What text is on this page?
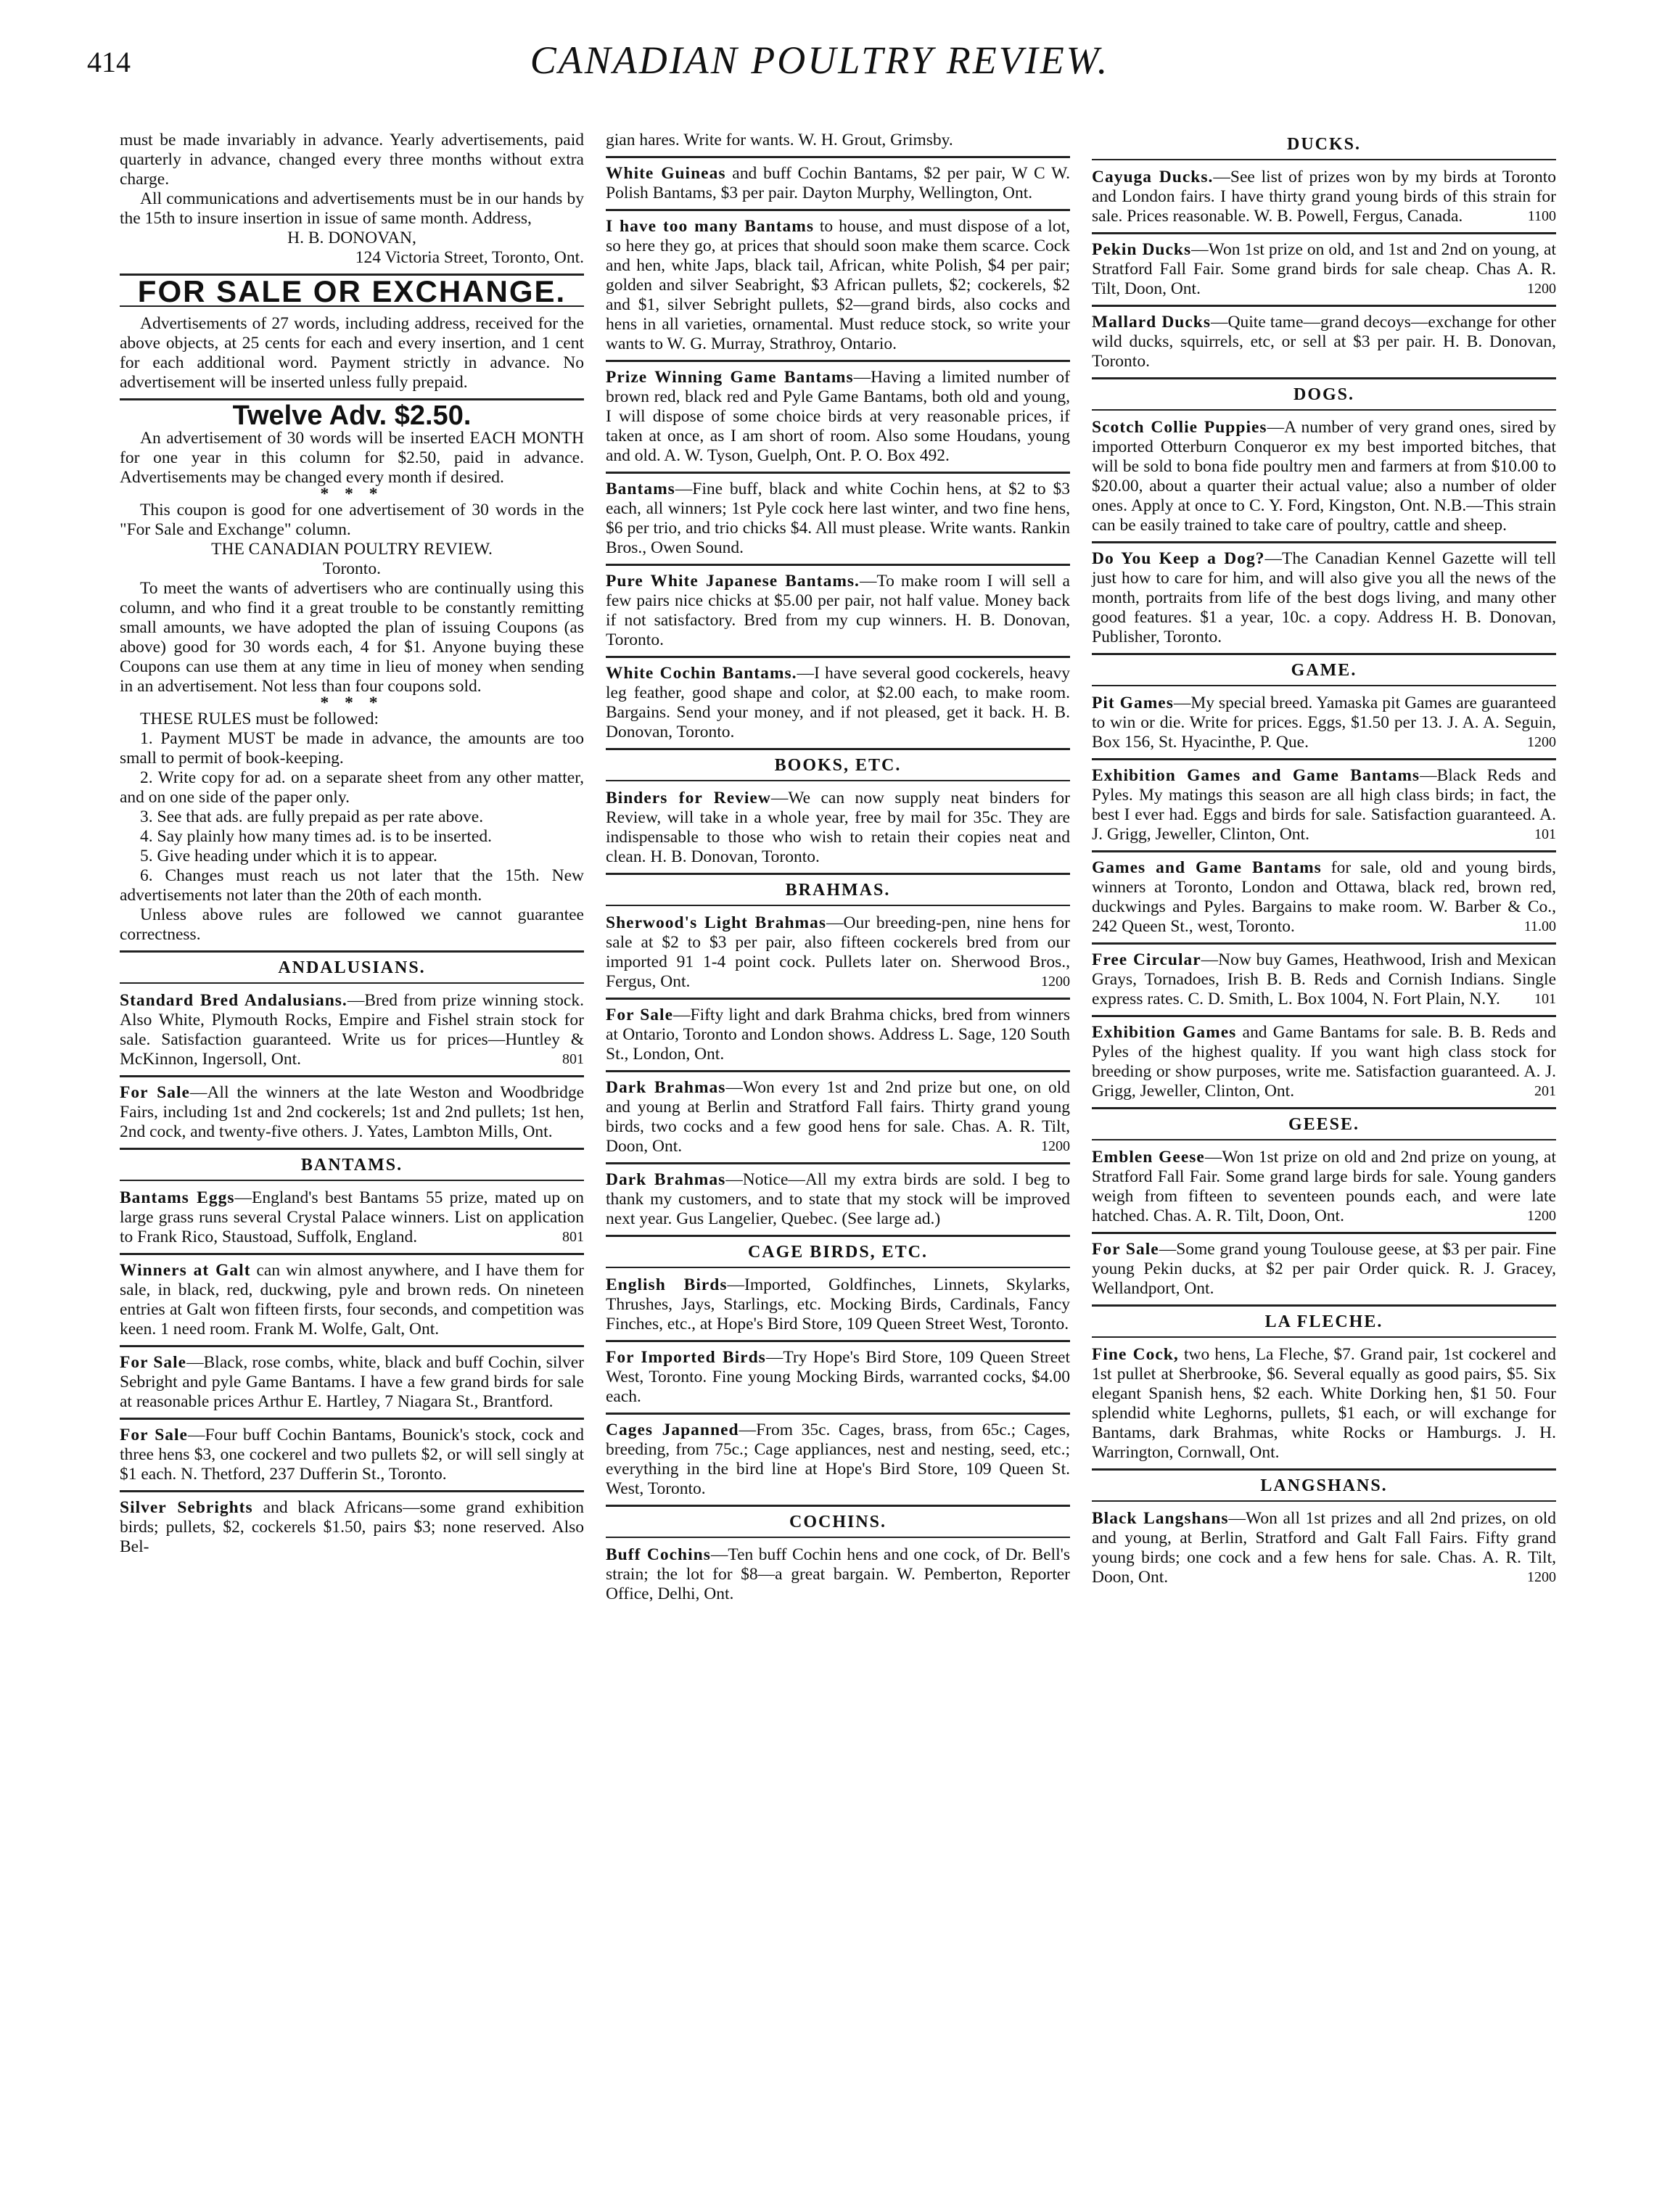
414	CANADIAN POULTRY REVIEW.

must be made invariably in advance. Yearly advertisements, paid quarterly in advance, changed every three months without extra charge.

All communications and advertisements must be in our hands by the 15th to insure insertion in issue of same month. Address,

H. B. DONOVAN,

124 Victoria Street, Toronto, Ont.

FOR SALE OR EXCHANGE.

Advertisements of 27 words, including address, received for the above objects, at 25 cents for each and every insertion, and 1 cent for each additional word. Payment strictly in advance. No advertisement will be inserted unless fully prepaid.

Twelve Adv. $2.50.

An advertisement of 30 words will be inserted EACH MONTH for one year in this column for $2.50, paid in advance. Advertisements may be changed every month if desired.

* * *

This coupon is good for one advertisement of 30 words in the "For Sale and Exchange" column.

THE CANADIAN POULTRY REVIEW.

Toronto.

To meet the wants of advertisers who are continually using this column, and who find it a great trouble to be constantly remitting small amounts, we have adopted the plan of issuing Coupons (as above) good for 30 words each, 4 for $1. Anyone buying these Coupons can use them at any time in lieu of money when sending in an advertisement. Not less than four coupons sold.

* * *

THESE RULES must be followed:

1. Payment MUST be made in advance, the amounts are too small to permit of book-keeping.

2. Write copy for ad. on a separate sheet from any other matter, and on one side of the paper only.

3. See that ads. are fully prepaid as per rate above.

4. Say plainly how many times ad. is to be inserted.

5. Give heading under which it is to appear.

6. Changes must reach us not later that the 15th. New advertisements not later than the 20th of each month.

Unless above rules are followed we cannot guarantee correctness.

ANDALUSIANS.
Standard Bred Andalusians.—Bred from prize winning stock. Also White, Plymouth Rocks, Empire and Fishel strain stock for sale. Satisfaction guaranteed. Write us for prices—Huntley & McKinnon, Ingersoll, Ont.	801
For Sale—All the winners at the late Weston and Woodbridge Fairs, including 1st and 2nd cockerels; 1st and 2nd pullets; 1st hen, 2nd cock, and twenty-five others. J. Yates, Lambton Mills, Ont.
BANTAMS.
Bantams Eggs—England's best Bantams 55 prize, mated up on large grass runs several Crystal Palace winners. List on application to Frank Rico, Staustoad, Suffolk, England.	801
Winners at Galt can win almost anywhere, and I have them for sale, in black, red, duckwing, pyle and brown reds. On nineteen entries at Galt won fifteen firsts, four seconds, and competition was keen. 1 need room. Frank M. Wolfe, Galt, Ont.
For Sale—Black, rose combs, white, black and buff Cochin, silver Sebright and pyle Game Bantams. I have a few grand birds for sale at reasonable prices Arthur E. Hartley, 7 Niagara St., Brantford.
For Sale—Four buff Cochin Bantams, Bounick's stock, cock and three hens $3, one cockerel and two pullets $2, or will sell singly at $1 each. N. Thetford, 237 Dufferin St., Toronto.
Silver Sebrights and black Africans—some grand exhibition birds; pullets, $2, cockerels $1.50, pairs $3; none reserved. Also Bel-
gian hares. Write for wants. W. H. Grout, Grimsby.
White Guineas and buff Cochin Bantams, $2 per pair, W C W. Polish Bantams, $3 per pair. Dayton Murphy, Wellington, Ont.
I have too many Bantams to house, and must dispose of a lot, so here they go, at prices that should soon make them scarce. Cock and hen, white Japs, black tail, African, white Polish, $4 per pair; golden and silver Seabright, $3 African pullets, $2; cockerels, $2 and $1, silver Sebright pullets, $2—grand birds, also cocks and hens in all varieties, ornamental. Must reduce stock, so write your wants to W. G. Murray, Strathroy, Ontario.
Prize Winning Game Bantams—Having a limited number of brown red, black red and Pyle Game Bantams, both old and young, I will dispose of some choice birds at very reasonable prices, if taken at once, as I am short of room. Also some Houdans, young and old. A. W. Tyson, Guelph, Ont. P. O. Box 492.
Bantams—Fine buff, black and white Cochin hens, at $2 to $3 each, all winners; 1st Pyle cock here last winter, and two fine hens, $6 per trio, and trio chicks $4. All must please. Write wants. Rankin Bros., Owen Sound.
Pure White Japanese Bantams.—To make room I will sell a few pairs nice chicks at $5.00 per pair, not half value. Money back if not satisfactory. Bred from my cup winners. H. B. Donovan, Toronto.
White Cochin Bantams.—I have several good cockerels, heavy leg feather, good shape and color, at $2.00 each, to make room. Bargains. Send your money, and if not pleased, get it back. H. B. Donovan, Toronto.
BOOKS, ETC.
Binders for Review—We can now supply neat binders for Review, will take in a whole year, free by mail for 35c. They are indispensable to those who wish to retain their copies neat and clean. H. B. Donovan, Toronto.
BRAHMAS.
Sherwood's Light Brahmas—Our breeding-pen, nine hens for sale at $2 to $3 per pair, also fifteen cockerels bred from our imported 91 1-4 point cock. Pullets later on. Sherwood Bros., Fergus, Ont.	1200
For Sale—Fifty light and dark Brahma chicks, bred from winners at Ontario, Toronto and London shows. Address L. Sage, 120 South St., London, Ont.
Dark Brahmas—Won every 1st and 2nd prize but one, on old and young at Berlin and Stratford Fall fairs. Thirty grand young birds, two cocks and a few good hens for sale. Chas. A. R. Tilt, Doon, Ont.	1200
Dark Brahmas—Notice—All my extra birds are sold. I beg to thank my customers, and to state that my stock will be improved next year. Gus Langelier, Quebec. (See large ad.)
CAGE BIRDS, ETC.
English Birds—Imported, Goldfinches, Linnets, Skylarks, Thrushes, Jays, Starlings, etc. Mocking Birds, Cardinals, Fancy Finches, etc., at Hope's Bird Store, 109 Queen Street West, Toronto.
For Imported Birds—Try Hope's Bird Store, 109 Queen Street West, Toronto. Fine young Mocking Birds, warranted cocks, $4.00 each.
Cages Japanned—From 35c. Cages, brass, from 65c.; Cages, breeding, from 75c.; Cage appliances, nest and nesting, seed, etc.; everything in the bird line at Hope's Bird Store, 109 Queen St. West, Toronto.
COCHINS.
Buff Cochins—Ten buff Cochin hens and one cock, of Dr. Bell's strain; the lot for $8—a great bargain. W. Pemberton, Reporter Office, Delhi, Ont.
DUCKS.
Cayuga Ducks.—See list of prizes won by my birds at Toronto and London fairs. I have thirty grand young birds of this strain for sale. Prices reasonable. W. B. Powell, Fergus, Canada.	1100
Pekin Ducks—Won 1st prize on old, and 1st and 2nd on young, at Stratford Fall Fair. Some grand birds for sale cheap. Chas A. R. Tilt, Doon, Ont.	1200
Mallard Ducks—Quite tame—grand decoys—exchange for other wild ducks, squirrels, etc, or sell at $3 per pair. H. B. Donovan, Toronto.
DOGS.
Scotch Collie Puppies—A number of very grand ones, sired by imported Otterburn Conqueror ex my best imported bitches, that will be sold to bona fide poultry men and farmers at from $10.00 to $20.00, about a quarter their actual value; also a number of older ones. Apply at once to C. Y. Ford, Kingston, Ont. N.B.—This strain can be easily trained to take care of poultry, cattle and sheep.
Do You Keep a Dog?—The Canadian Kennel Gazette will tell just how to care for him, and will also give you all the news of the month, portraits from life of the best dogs living, and many other good features. $1 a year, 10c. a copy. Address H. B. Donovan, Publisher, Toronto.
GAME.
Pit Games—My special breed. Yamaska pit Games are guaranteed to win or die. Write for prices. Eggs, $1.50 per 13. J. A. A. Seguin, Box 156, St. Hyacinthe, P. Que.	1200
Exhibition Games and Game Bantams—Black Reds and Pyles. My matings this season are all high class birds; in fact, the best I ever had. Eggs and birds for sale. Satisfaction guaranteed. A. J. Grigg, Jeweller, Clinton, Ont.	101
Games and Game Bantams for sale, old and young birds, winners at Toronto, London and Ottawa, black red, brown red, duckwings and Pyles. Bargains to make room. W. Barber & Co., 242 Queen St., west, Toronto.	11.00
Free Circular—Now buy Games, Heathwood, Irish and Mexican Grays, Tornadoes, Irish B. B. Reds and Cornish Indians. Single express rates. C. D. Smith, L. Box 1004, N. Fort Plain, N.Y. 101
Exhibition Games and Game Bantams for sale. B. B. Reds and Pyles of the highest quality. If you want high class stock for breeding or show purposes, write me. Satisfaction guaranteed. A. J. Grigg, Jeweller, Clinton, Ont.	201
GEESE.
Emblen Geese—Won 1st prize on old and 2nd prize on young, at Stratford Fall Fair. Some grand large birds for sale. Young ganders weigh from fifteen to seventeen pounds each, and were late hatched. Chas. A. R. Tilt, Doon, Ont.	1200
For Sale—Some grand young Toulouse geese, at $3 per pair. Fine young Pekin ducks, at $2 per pair Order quick. R. J. Gracey, Wellandport, Ont.
LA FLECHE.
Fine Cock, two hens, La Fleche, $7. Grand pair, 1st cockerel and 1st pullet at Sherbrooke, $6. Several equally as good pairs, $5. Six elegant Spanish hens, $2 each. White Dorking hen, $1 50. Four splendid white Leghorns, pullets, $1 each, or will exchange for Bantams, dark Brahmas, white Rocks or Hamburgs. J. H. Warrington, Cornwall, Ont.
LANGSHANS.
Black Langshans—Won all 1st prizes and all 2nd prizes, on old and young, at Berlin, Stratford and Galt Fall Fairs. Fifty grand young birds; one cock and a few hens for sale. Chas. A. R. Tilt, Doon, Ont.	1200
